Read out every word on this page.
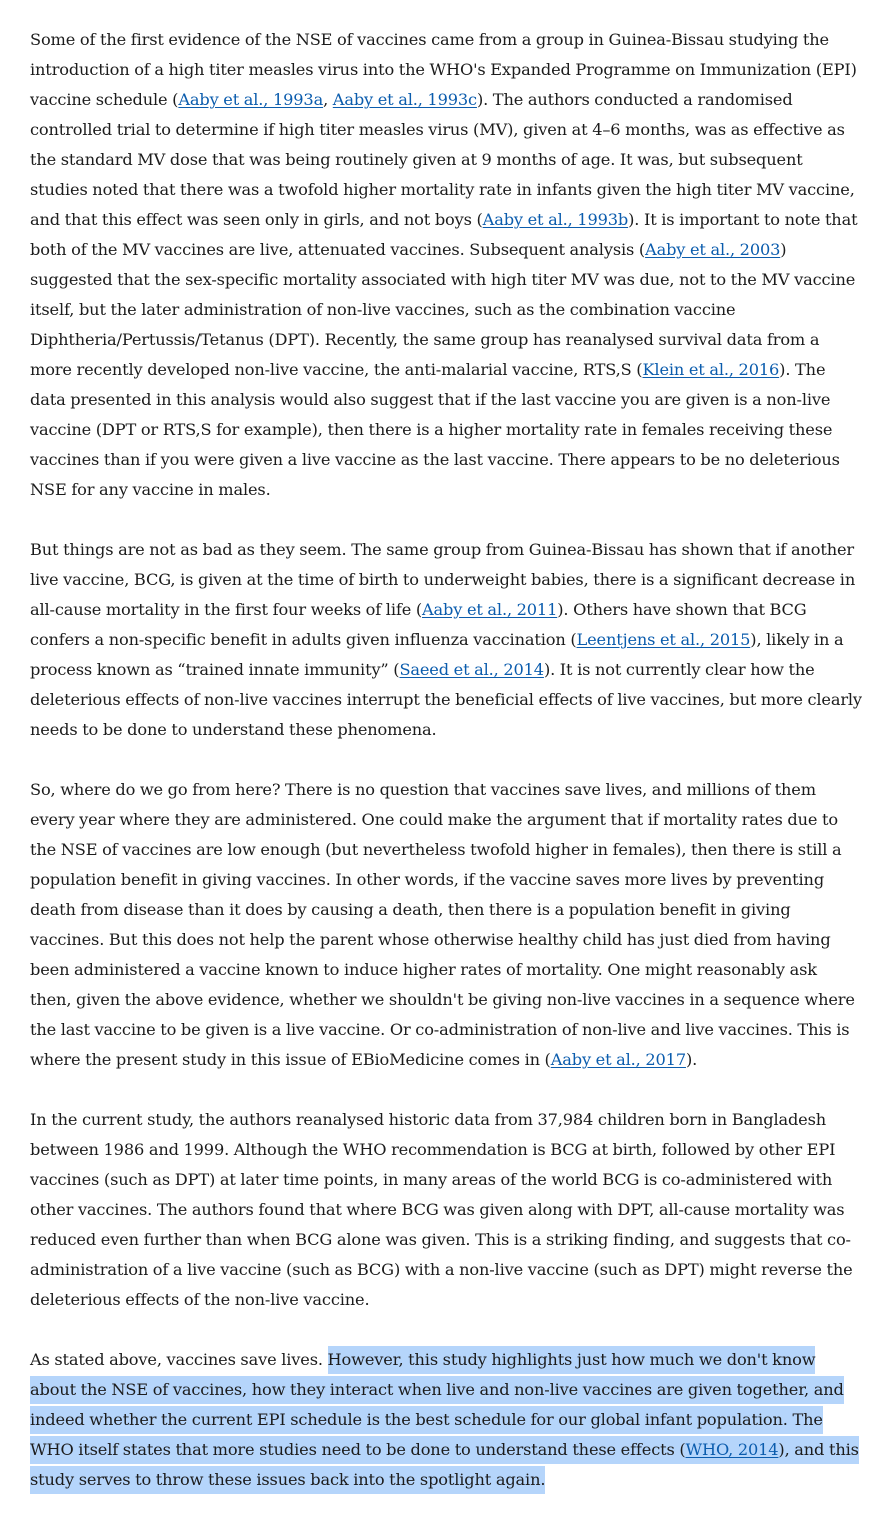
Some of the first evidence of the NSE of vaccines came from a group in Guinea-Bissau studying the introduction of a high titer measles virus into the WHO's Expanded Programme on Immunization (EPI) vaccine schedule (Aaby et al., 1993a, Aaby et al., 1993c). The authors conducted a randomised controlled trial to determine if high titer measles virus (MV), given at 4–6 months, was as effective as the standard MV dose that was being routinely given at 9 months of age. It was, but subsequent studies noted that there was a twofold higher mortality rate in infants given the high titer MV vaccine, and that this effect was seen only in girls, and not boys (Aaby et al., 1993b). It is important to note that both of the MV vaccines are live, attenuated vaccines. Subsequent analysis (Aaby et al., 2003) suggested that the sex-specific mortality associated with high titer MV was due, not to the MV vaccine itself, but the later administration of non-live vaccines, such as the combination vaccine Diphtheria/Pertussis/Tetanus (DPT). Recently, the same group has reanalysed survival data from a more recently developed non-live vaccine, the anti-malarial vaccine, RTS,S (Klein et al., 2016). The data presented in this analysis would also suggest that if the last vaccine you are given is a non-live vaccine (DPT or RTS,S for example), then there is a higher mortality rate in females receiving these vaccines than if you were given a live vaccine as the last vaccine. There appears to be no deleterious NSE for any vaccine in males.

But things are not as bad as they seem. The same group from Guinea-Bissau has shown that if another live vaccine, BCG, is given at the time of birth to underweight babies, there is a significant decrease in all-cause mortality in the first four weeks of life (Aaby et al., 2011). Others have shown that BCG confers a non-specific benefit in adults given influenza vaccination (Leentjens et al., 2015), likely in a process known as “trained innate immunity” (Saeed et al., 2014). It is not currently clear how the deleterious effects of non-live vaccines interrupt the beneficial effects of live vaccines, but more clearly needs to be done to understand these phenomena.

So, where do we go from here? There is no question that vaccines save lives, and millions of them every year where they are administered. One could make the argument that if mortality rates due to the NSE of vaccines are low enough (but nevertheless twofold higher in females), then there is still a population benefit in giving vaccines. In other words, if the vaccine saves more lives by preventing death from disease than it does by causing a death, then there is a population benefit in giving vaccines. But this does not help the parent whose otherwise healthy child has just died from having been administered a vaccine known to induce higher rates of mortality. One might reasonably ask then, given the above evidence, whether we shouldn't be giving non-live vaccines in a sequence where the last vaccine to be given is a live vaccine. Or co-administration of non-live and live vaccines. This is where the present study in this issue of EBioMedicine comes in (Aaby et al., 2017).

In the current study, the authors reanalysed historic data from 37,984 children born in Bangladesh between 1986 and 1999. Although the WHO recommendation is BCG at birth, followed by other EPI vaccines (such as DPT) at later time points, in many areas of the world BCG is co-administered with other vaccines. The authors found that where BCG was given along with DPT, all-cause mortality was reduced even further than when BCG alone was given. This is a striking finding, and suggests that co-administration of a live vaccine (such as BCG) with a non-live vaccine (such as DPT) might reverse the deleterious effects of the non-live vaccine.

As stated above, vaccines save lives. However, this study highlights just how much we don't know about the NSE of vaccines, how they interact when live and non-live vaccines are given together, and indeed whether the current EPI schedule is the best schedule for our global infant population. The WHO itself states that more studies need to be done to understand these effects (WHO, 2014), and this study serves to throw these issues back into the spotlight again.
